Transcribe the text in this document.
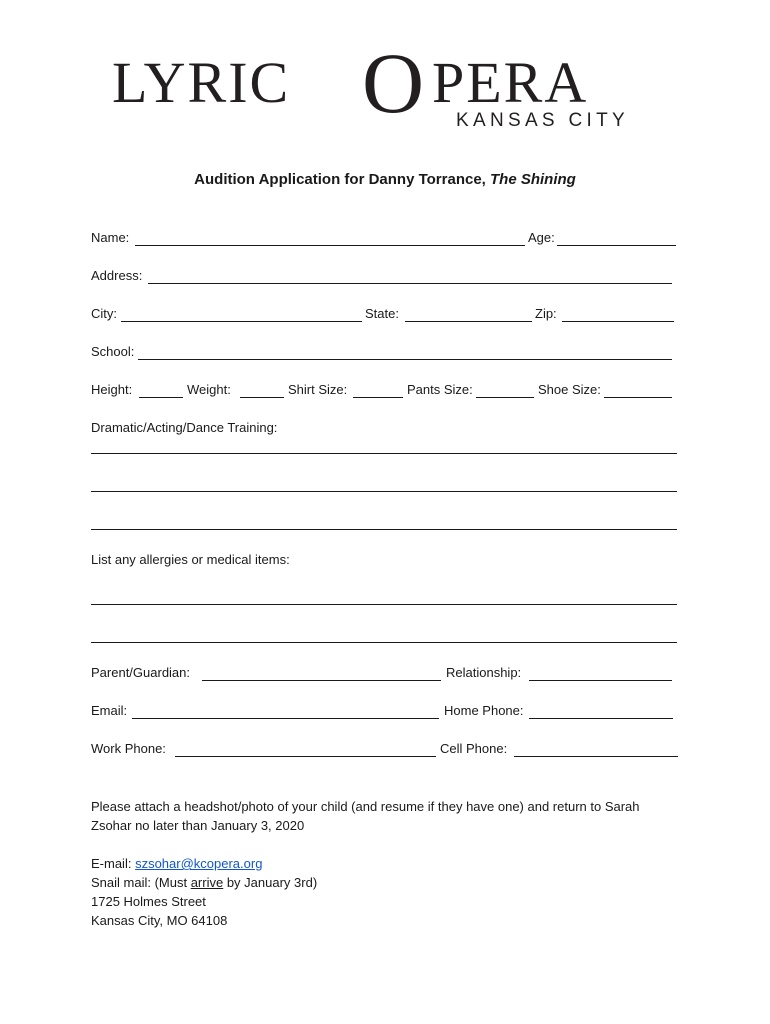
LYRIC O PERA
KANSAS CITY
Audition Application for Danny Torrance, The Shining
Name:	Age:
Address:
City:	State:	Zip:
School:
Height:	Weight:	Shirt Size:	Pants Size:	Shoe Size:
Dramatic/Acting/Dance Training:
List any allergies or medical items:
Parent/Guardian:	Relationship:
Email:	Home Phone:
Work Phone:	Cell Phone:
Please attach a headshot/photo of your child (and resume if they have one) and return to Sarah
Zsohar no later than January 3, 2020
E-mail: szsohar@kcopera.org
Snail mail: (Must arrive by January 3rd)
1725 Holmes Street
Kansas City, MO 64108
